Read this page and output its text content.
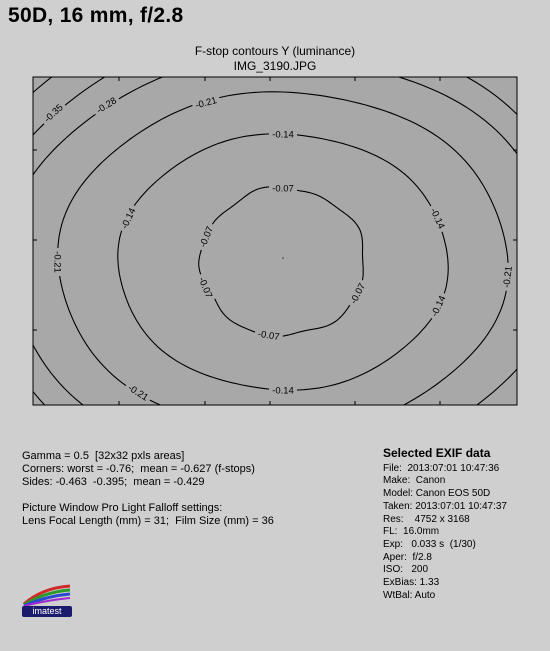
50D, 16 mm, f/2.8
F-stop contours Y (luminance)
IMG_3190.JPG
-0.07
-0.07
-0.07
-0.07
-0.07
-0.14
-0.14
-0.14
-0.14
-0.14
-0.21
-0.21
-0.21
-0.21
-0.28
-0.35
Gamma = 0.5  [32x32 pxls areas]
Corners: worst = -0.76;  mean = -0.627 (f-stops)
Sides: -0.463  -0.395;  mean = -0.429
Picture Window Pro Light Falloff settings:
Lens Focal Length (mm) = 31;  Film Size (mm) = 36
Selected EXIF data
File:  2013:07:01 10:47:36
Make:  Canon
Model: Canon EOS 50D
Taken: 2013:07:01 10:47:37
Res:    4752 x 3168
FL:  16.0mm
Exp:   0.033 s  (1/30)
Aper:  f/2.8
ISO:   200
ExBias: 1.33
WtBal: Auto
imatest
